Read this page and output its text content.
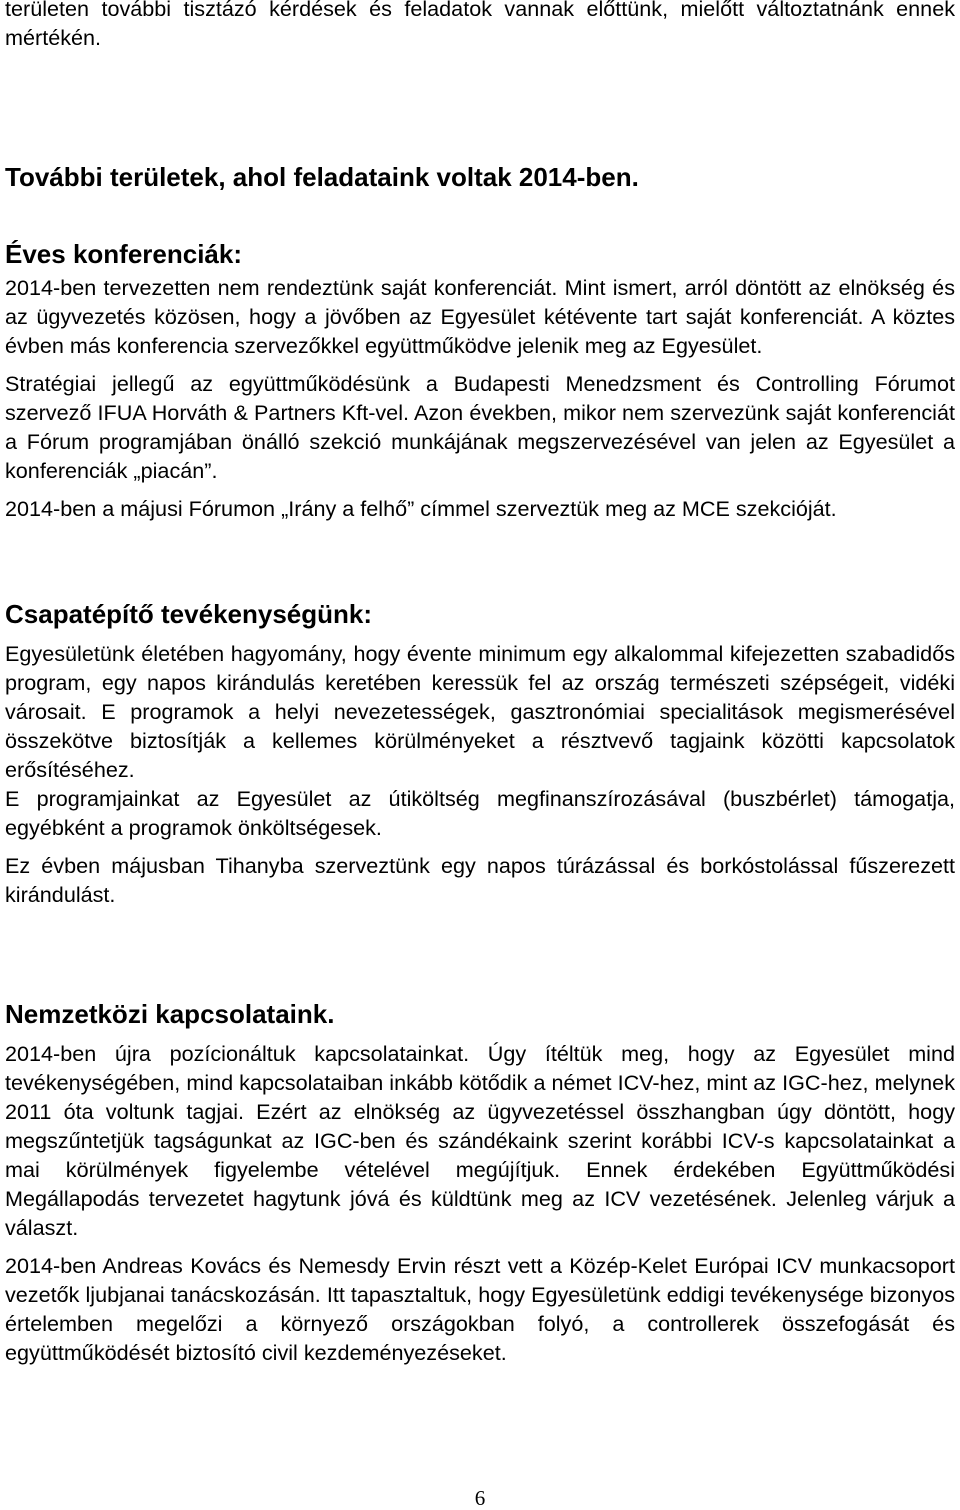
területen további tisztázó kérdések és feladatok vannak előttünk, mielőtt változtatnánk ennek mértékén.

További területek, ahol feladataink voltak 2014-ben.
Éves konferenciák:

2014-ben tervezetten nem rendeztünk saját konferenciát. Mint ismert, arról döntött az elnökség és az ügyvezetés közösen, hogy a jövőben az Egyesület kétévente tart saját konferenciát. A köztes évben más konferencia szervezőkkel együttműködve jelenik meg az Egyesület.

Stratégiai jellegű az együttműködésünk a Budapesti Menedzsment és Controlling Fórumot szervező IFUA Horváth & Partners Kft-vel. Azon években, mikor nem szervezünk saját konferenciát a Fórum programjában önálló szekció munkájának megszervezésével van jelen az Egyesület a konferenciák „piacán”.

2014-ben a májusi Fórumon „Irány a felhő” címmel szerveztük meg az MCE szekcióját.

Csapatépítő tevékenységünk:

Egyesületünk életében hagyomány, hogy évente minimum egy alkalommal kifejezetten szabadidős program, egy napos kirándulás keretében keressük fel az ország természeti szépségeit, vidéki városait. E programok a helyi nevezetességek, gasztronómiai specialitások megismerésével összekötve biztosítják a kellemes körülményeket a résztvevő tagjaink közötti kapcsolatok erősítéséhez.

E programjainkat az Egyesület az útiköltség megfinanszírozásával (buszbérlet) támogatja, egyébként a programok önköltségesek.

Ez évben májusban Tihanyba szerveztünk egy napos túrázással és borkóstolással fűszerezett kirándulást.

Nemzetközi kapcsolataink.

2014-ben újra pozícionáltuk kapcsolatainkat. Úgy ítéltük meg, hogy az Egyesület mind tevékenységében, mind kapcsolataiban inkább kötődik a német ICV-hez, mint az IGC-hez, melynek 2011 óta voltunk tagjai. Ezért az elnökség az ügyvezetéssel összhangban úgy döntött, hogy megszűntetjük tagságunkat az IGC-ben és szándékaink szerint korábbi ICV-s kapcsolatainkat a mai körülmények figyelembe vételével megújítjuk. Ennek érdekében Együttműködési Megállapodás tervezetet hagytunk jóvá és küldtünk meg az ICV vezetésének. Jelenleg várjuk a választ.

2014-ben Andreas Kovács és Nemesdy Ervin részt vett a Közép-Kelet Európai ICV munkacsoport vezetők ljubjanai tanácskozásán. Itt tapasztaltuk, hogy Egyesületünk eddigi tevékenysége bizonyos értelemben megelőzi a környező országokban folyó, a controllerek összefogását és együttműködését biztosító civil kezdeményezéseket.

6
